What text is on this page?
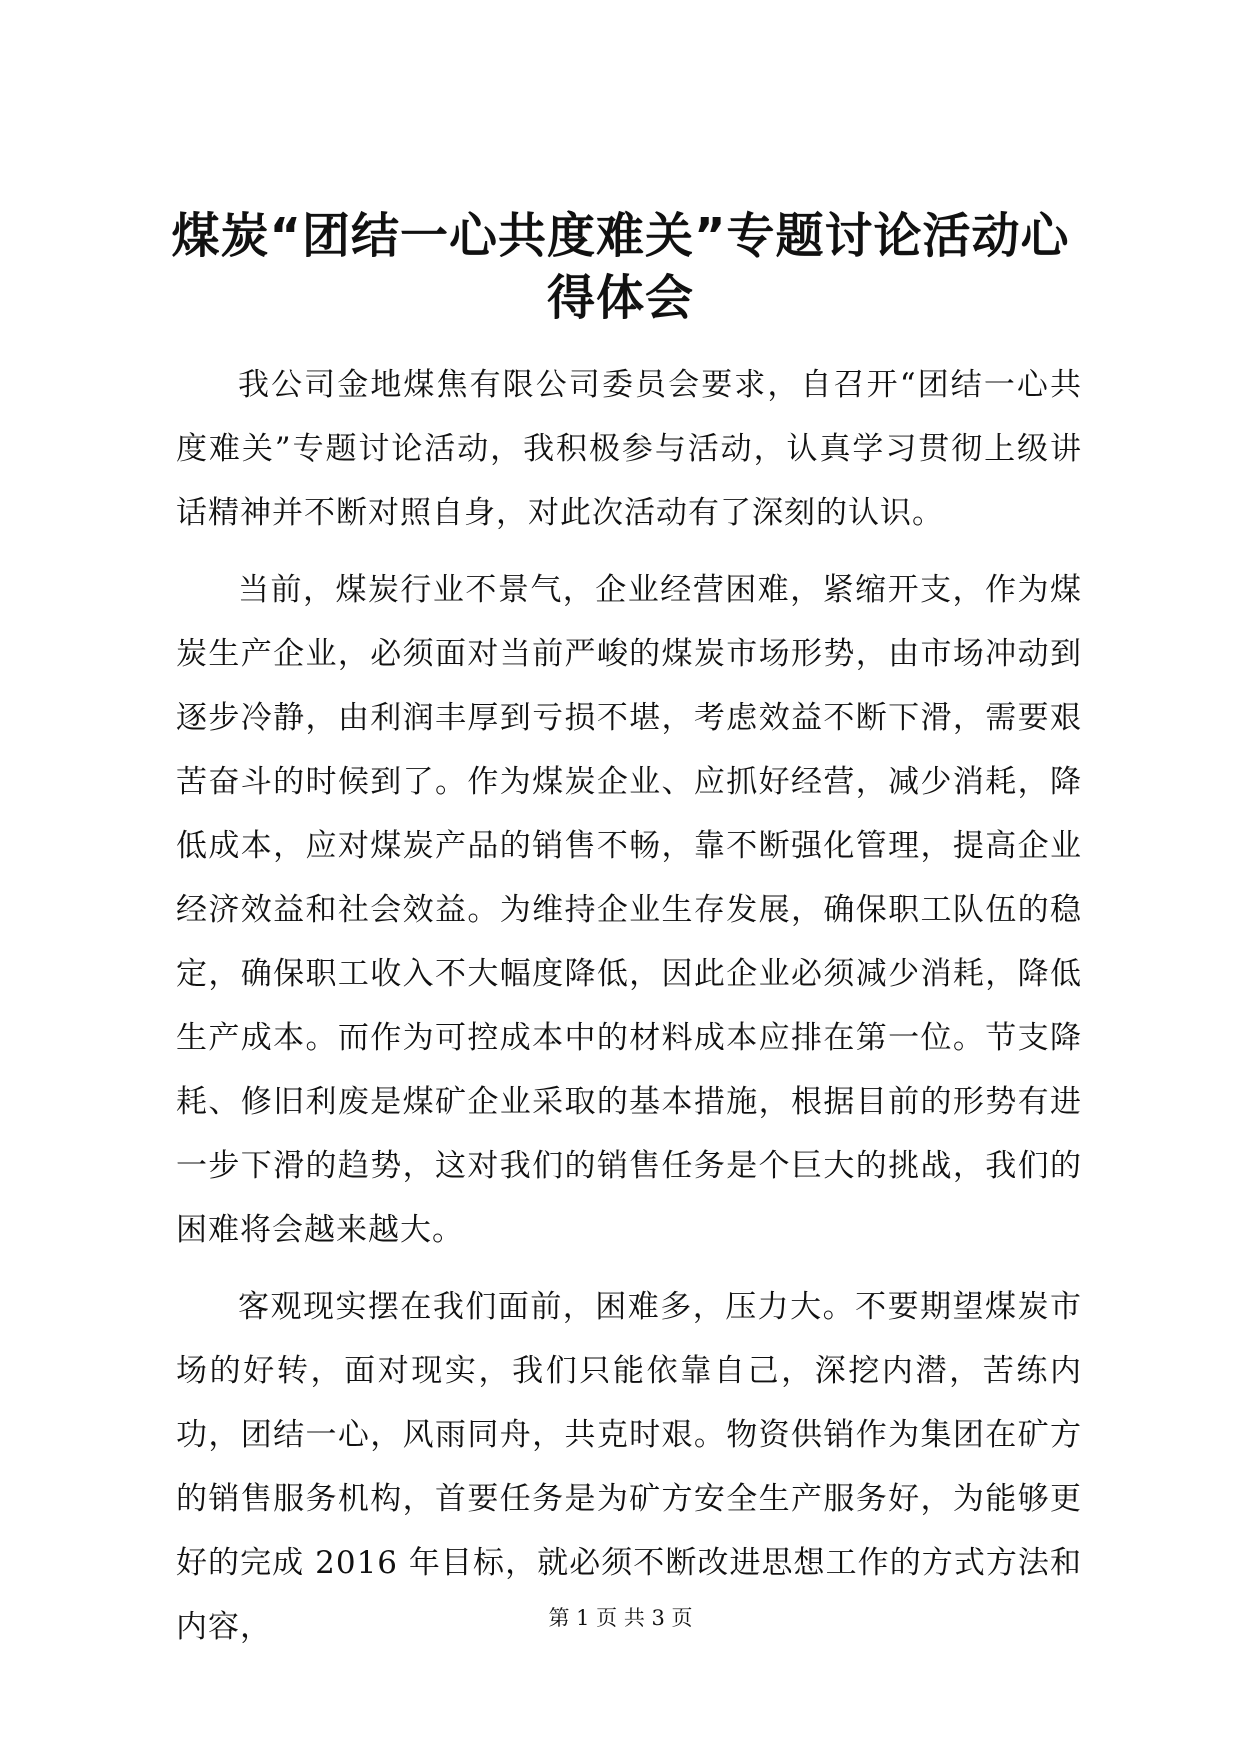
煤炭“团结一心共度难关”专题讨论活动心得体会

我公司金地煤焦有限公司委员会要求，自召开“团结一心共度难关”专题讨论活动，我积极参与活动，认真学习贯彻上级讲话精神并不断对照自身，对此次活动有了深刻的认识。

当前，煤炭行业不景气，企业经营困难，紧缩开支，作为煤炭生产企业，必须面对当前严峻的煤炭市场形势，由市场冲动到逐步冷静，由利润丰厚到亏损不堪，考虑效益不断下滑，需要艰苦奋斗的时候到了。作为煤炭企业、应抓好经营，减少消耗，降低成本，应对煤炭产品的销售不畅，靠不断强化管理，提高企业经济效益和社会效益。为维持企业生存发展，确保职工队伍的稳定，确保职工收入不大幅度降低，因此企业必须减少消耗，降低生产成本。而作为可控成本中的材料成本应排在第一位。节支降耗、修旧利废是煤矿企业采取的基本措施，根据目前的形势有进一步下滑的趋势，这对我们的销售任务是个巨大的挑战，我们的困难将会越来越大。

客观现实摆在我们面前，困难多，压力大。不要期望煤炭市场的好转，面对现实，我们只能依靠自己，深挖内潜，苦练内功，团结一心，风雨同舟，共克时艰。物资供销作为集团在矿方的销售服务机构，首要任务是为矿方安全生产服务好，为能够更好的完成 2016 年目标，就必须不断改进思想工作的方式方法和内容，	第 1 页 共 3 页
